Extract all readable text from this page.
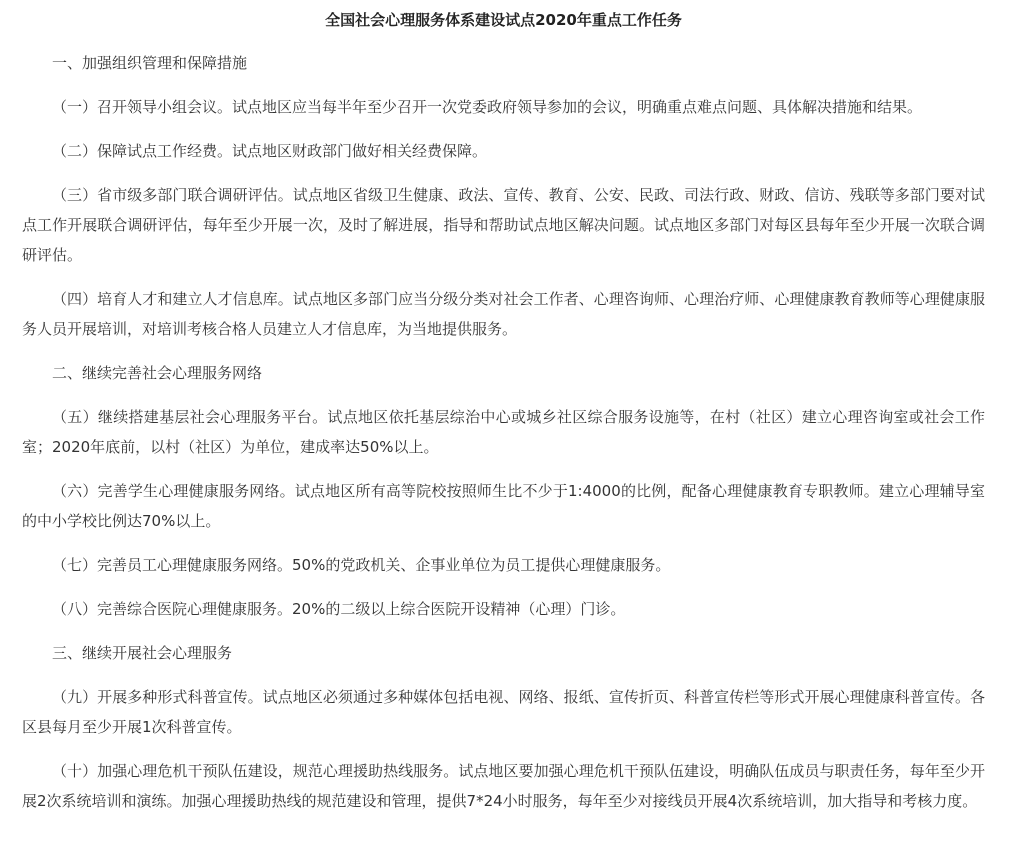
全国社会心理服务体系建设试点2020年重点工作任务
一、加强组织管理和保障措施

（一）召开领导小组会议。试点地区应当每半年至少召开一次党委政府领导参加的会议，明确重点难点问题、具体解决措施和结果。

（二）保障试点工作经费。试点地区财政部门做好相关经费保障。

（三）省市级多部门联合调研评估。试点地区省级卫生健康、政法、宣传、教育、公安、民政、司法行政、财政、信访、残联等多部门要对试点工作开展联合调研评估，每年至少开展一次，及时了解进展，指导和帮助试点地区解决问题。试点地区多部门对每区县每年至少开展一次联合调研评估。

（四）培育人才和建立人才信息库。试点地区多部门应当分级分类对社会工作者、心理咨询师、心理治疗师、心理健康教育教师等心理健康服务人员开展培训，对培训考核合格人员建立人才信息库，为当地提供服务。

二、继续完善社会心理服务网络

（五）继续搭建基层社会心理服务平台。试点地区依托基层综治中心或城乡社区综合服务设施等，在村（社区）建立心理咨询室或社会工作室；2020年底前，以村（社区）为单位，建成率达50%以上。

（六）完善学生心理健康服务网络。试点地区所有高等院校按照师生比不少于1:4000的比例，配备心理健康教育专职教师。建立心理辅导室的中小学校比例达70%以上。

（七）完善员工心理健康服务网络。50%的党政机关、企事业单位为员工提供心理健康服务。

（八）完善综合医院心理健康服务。20%的二级以上综合医院开设精神（心理）门诊。

三、继续开展社会心理服务

（九）开展多种形式科普宣传。试点地区必须通过多种媒体包括电视、网络、报纸、宣传折页、科普宣传栏等形式开展心理健康科普宣传。各区县每月至少开展1次科普宣传。

（十）加强心理危机干预队伍建设，规范心理援助热线服务。试点地区要加强心理危机干预队伍建设，明确队伍成员与职责任务，每年至少开展2次系统培训和演练。加强心理援助热线的规范建设和管理，提供7*24小时服务，每年至少对接线员开展4次系统培训，加大指导和考核力度。
